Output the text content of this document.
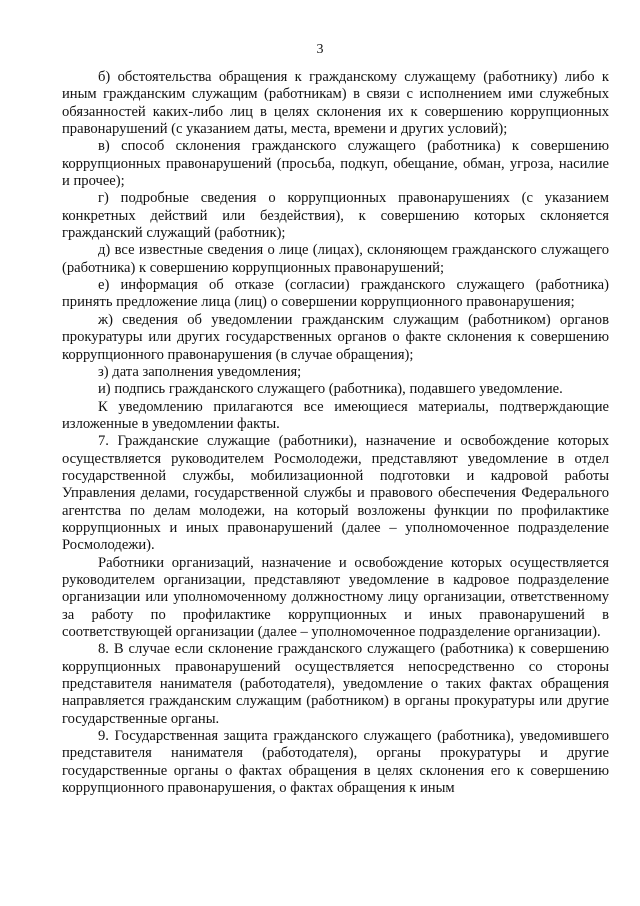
3

б) обстоятельства обращения к гражданскому служащему (работнику) либо к иным гражданским служащим (работникам) в связи с исполнением ими служебных обязанностей каких-либо лиц в целях склонения их к совершению коррупционных правонарушений (с указанием даты, места, времени и других условий);

в) способ склонения гражданского служащего (работника) к совершению коррупционных правонарушений (просьба, подкуп, обещание, обман, угроза, насилие и прочее);

г) подробные сведения о коррупционных правонарушениях (с указанием конкретных действий или бездействия), к совершению которых склоняется гражданский служащий (работник);

д) все известные сведения о лице (лицах), склоняющем гражданского служащего (работника) к совершению коррупционных правонарушений;

е) информация об отказе (согласии) гражданского служащего (работника) принять предложение лица (лиц) о совершении коррупционного правонарушения;

ж) сведения об уведомлении гражданским служащим (работником) органов прокуратуры или других государственных органов о факте склонения к совершению коррупционного правонарушения (в случае обращения);

з) дата заполнения уведомления;

и) подпись гражданского служащего (работника), подавшего уведомление.

К уведомлению прилагаются все имеющиеся материалы, подтверждающие изложенные в уведомлении факты.

7. Гражданские служащие (работники), назначение и освобождение которых осуществляется руководителем Росмолодежи, представляют уведомление в отдел государственной службы, мобилизационной подготовки и кадровой работы Управления делами, государственной службы и правового обеспечения Федерального агентства по делам молодежи, на который возложены функции по профилактике коррупционных и иных правонарушений (далее – уполномоченное подразделение Росмолодежи).

Работники организаций, назначение и освобождение которых осуществляется руководителем организации, представляют уведомление в кадровое подразделение организации или уполномоченному должностному лицу организации, ответственному за работу по профилактике коррупционных и иных правонарушений в соответствующей организации (далее – уполномоченное подразделение организации).

8. В случае если склонение гражданского служащего (работника) к совершению коррупционных правонарушений осуществляется непосредственно со стороны представителя нанимателя (работодателя), уведомление о таких фактах обращения направляется гражданским служащим (работником) в органы прокуратуры или другие государственные органы.

9. Государственная защита гражданского служащего (работника), уведомившего представителя нанимателя (работодателя), органы прокуратуры и другие государственные органы о фактах обращения в целях склонения его к совершению коррупционного правонарушения, о фактах обращения к иным
